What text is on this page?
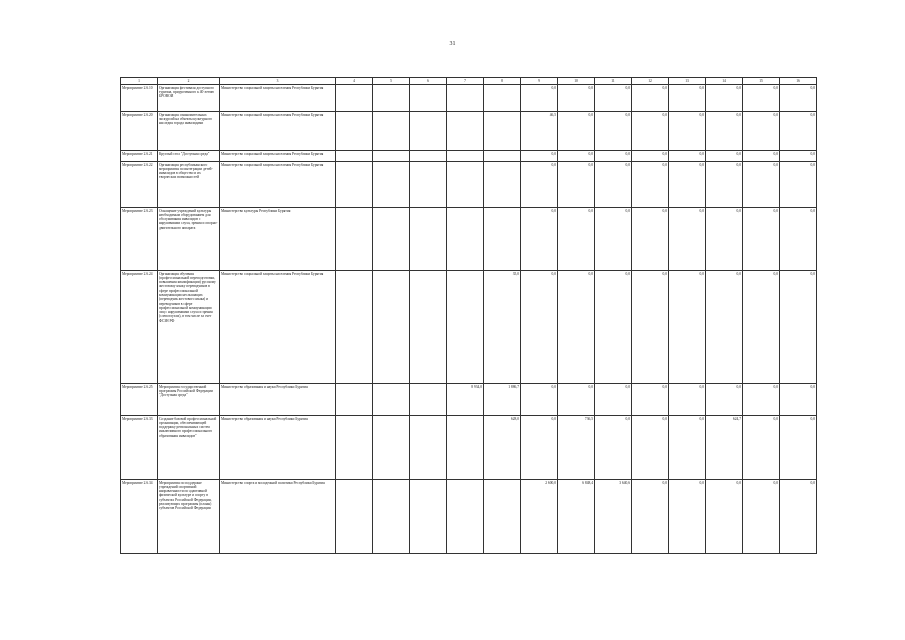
31
1	2	3	4	5	6	7	8	9	10	11	12	13	14	15	16
Мероприятие 2.6.10	Организация фестиваля доступного туризма, приуроченного к 40-летию БРОВОИ	Министерство социальной защиты населения Республики Бурятия						0,0	0,0	0,0	0,0	0,0	0,0	0,0	0,0
Мероприятие 2.6.20	Организация ознакомительных экскурсий на объекты культурного наследия города инвалидами	Министерство социальной защиты населения Республики Бурятия						46,5	0,0	0,0	0,0	0,0	0,0	0,0	0,0
Мероприятие 2.6.21	Круглый стол "Доступная среда"	Министерство социальной защиты населения Республики Бурятия						0,0	0,0	0,0	0,0	0,0	0,0	0,0	0,0
Мероприятие 2.6.22	Организация республиканского мероприятия по интеграции детей-инвалидов в общество и их творческих возможностей	Министерство социальной защиты населения Республики Бурятия						0,0	0,0	0,0	0,0	0,0	0,0	0,0	0,0
Мероприятие 2.6.23	Оснащение учреждений культуры необходимым оборудованием для обслуживания инвалидов с нарушениями слуха, зрения и опорно-двигательного аппарата	Министерство культуры Республики Бурятия						0,0	0,0	0,0	0,0	0,0	0,0	0,0	0,0
Мероприятие 2.6.24	Организация обучения (профессиональной переподготовки, повышения квалификации) русскому жестовому языку переводчиков в сфере профессиональной коммуникации неслышащих (переводчик жестового языка) и переводчиков в сфере профессиональной коммуникации лиц с нарушениями слуха и зрения (слепоглухих), в том числе за счет ФСЗН РФ	Министерство социальной защиты населения Республики Бурятия					35,0	0,0	0,0	0,0	0,0	0,0	0,0	0,0	0,0
Мероприятие 2.6.25	Мероприятия государственной программы Российской Федерации "Доступная среда"	Министерство образования и науки Республики Бурятия				8 934,0	1 886,7	0,0	0,0	0,0	0,0	0,0	0,0	0,0	0,0
Мероприятие 2.6.33	Создание базовой профессиональной организации, обеспечивающей поддержку региональных систем инклюзивного профессионального образования инвалидов"	Министерство образования и науки Республики Бурятия					628,0	0,0	736,5	0,0	0,0	0,0	624,7	0,0	0,0
Мероприятие 2.6.34	Мероприятия по поддержке учреждений спортивной направленности по адаптивной физической культуре и спорту в субъектах Российской Федерации, реализующих программы (планы) субъектов Российской Федерации	Министерство спорта и молодежной политики Республики Бурятия						2 600,0	6 848,4	3 640,6	0,0	0,0	0,0	0,0	0,0
